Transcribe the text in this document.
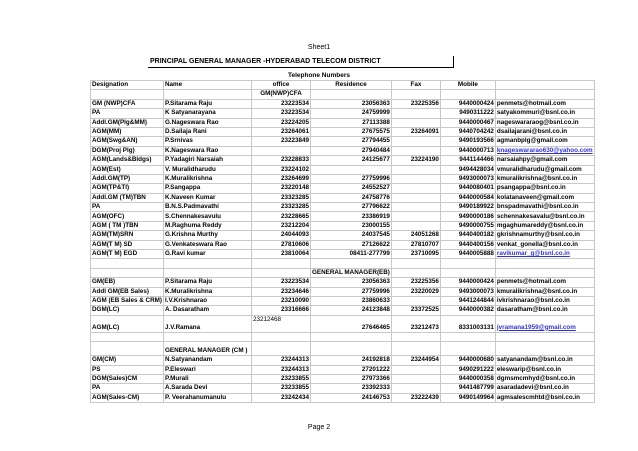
Sheet1
PRINCIPAL GENERAL MANAGER -HYDERABAD TELECOM DISTRICT
Telephone Numbers
Designation	Name	office	Residence	Fax	Mobile	
		GM(NWP)CFA				
GM (NWP)CFA	P.Sitarama Raju	23223534	23056363	23225356	9440000424	penmets@hotmail.com
PA	K Satyanarayana	23223534	24759999		9490311222	satyakommuri@bsnl.co.in
Addl.GM(Plg&MM)	G.Nageswara Rao	23224205	27113388		9440000467	nageswararaog@bsnl.co.in
AGM(MM)	D.Sailaja Rani	23264061	27675575	23264091	9440704242	dsailajarani@bsnl.co.in
AGM(Swg&AN)	P.Srnivas	23223849	27794455		9490193566	agmanbplg@gmail.com
DGM(Proj Plg)	K.Nageswara Rao		27940484		9440000713	knageswararao630@yahoo.com
AGM(Lands&Bldgs)	P.Yadagiri Narsaiah	23228833	24125677	23224190	9441144466	narsaiahpy@gmail.com
AGM(Est)	V. Muralidharudu	23224102			9494428034	vmuralidharudu@gmail.com
Addl.GM(TP)	K.Muralikrishna	23264699	27759996		9493000073	kmuralikrishna@bsnl.co.in
AGM(TP&TI)	P.Sangappa	23220148	24552527		9440080401	psangappa@bsnl.co.in
Addl.GM (TM)TBN	K.Naveen Kumar	23323285	24758776		9440000584	kolatanaveen@gmail.com
PA	B.N.S.Padmavathi	23323285	27796622		9490189922	bnspadmavathi@bsnl.co.in
AGM(OFC)	S.Chennakesavulu	23228665	23386919		9490000186	schennakesavalu@bsnl.co.in
AGM ( TM )TBN	M.Raghuma Reddy	23212204	23000155		9490000755	mgaghumareddy@bsnl.co.in
AGM(TM)SRN	G.Krishna Murthy	24044093	24037545	24051268	9440400182	gkrishnamurthy@bsnl.co.in
AGM(T M) SD	G.Venkateswara Rao	27810606	27126622	27810707	9440400156	venkat_gonella@bsnl.co.in
AGM(T M) EGD	G.Ravi kumar	23810064	08411-277799	23710095	9440005888	ravikumar_g@bsnl.co.in

			GENERAL MANAGER(EB)			
GM(EB)	P.Sitarama Raju	23223534	23056363	23225356	9440000424	penmets@hotmail.com
Addl GM(EB Sales)	K.Muralikrishna	23234646	27759996	23220029	9493000073	kmuralikrishna@bsnl.co.in
AGM (EB Sales & CRM)	I.V.Krishnarao	23210090	23860633		9441244844	ivkrishnarao@bsnl.co.in
DGM(LC)	A. Dasaratham	23316666	24123848	23372525	9440000382	dasaratham@bsnl.co.in
AGM(LC)	J.V.Ramana	23212468	27646465	23212473	8331003131	jvramana1959@gmail.com

	GENERAL MANAGER (CM )					
GM(CM)	N.Satyanandam	23244313	24192818	23244954	9440000680	satyanandam@bsnl.co.in
PS	P.Eleswari	23244313	27201222		9490291222	eleswarip@bsnl.co.in
DGM(Sales)CM	P.Murali	23233855	27973366		9440000358	dgmsmcmhyd@bsnl.co.in
PA	A.Sarada Devi	23233855	23392333		9441487799	asaradadevi@bsnl.co.in
AGM(Sales-CM)	P. Veerahanumanulu	23242434	24146753	23222439	9490149964	agmsalescmhtd@bsnl.co.in
Page 2
